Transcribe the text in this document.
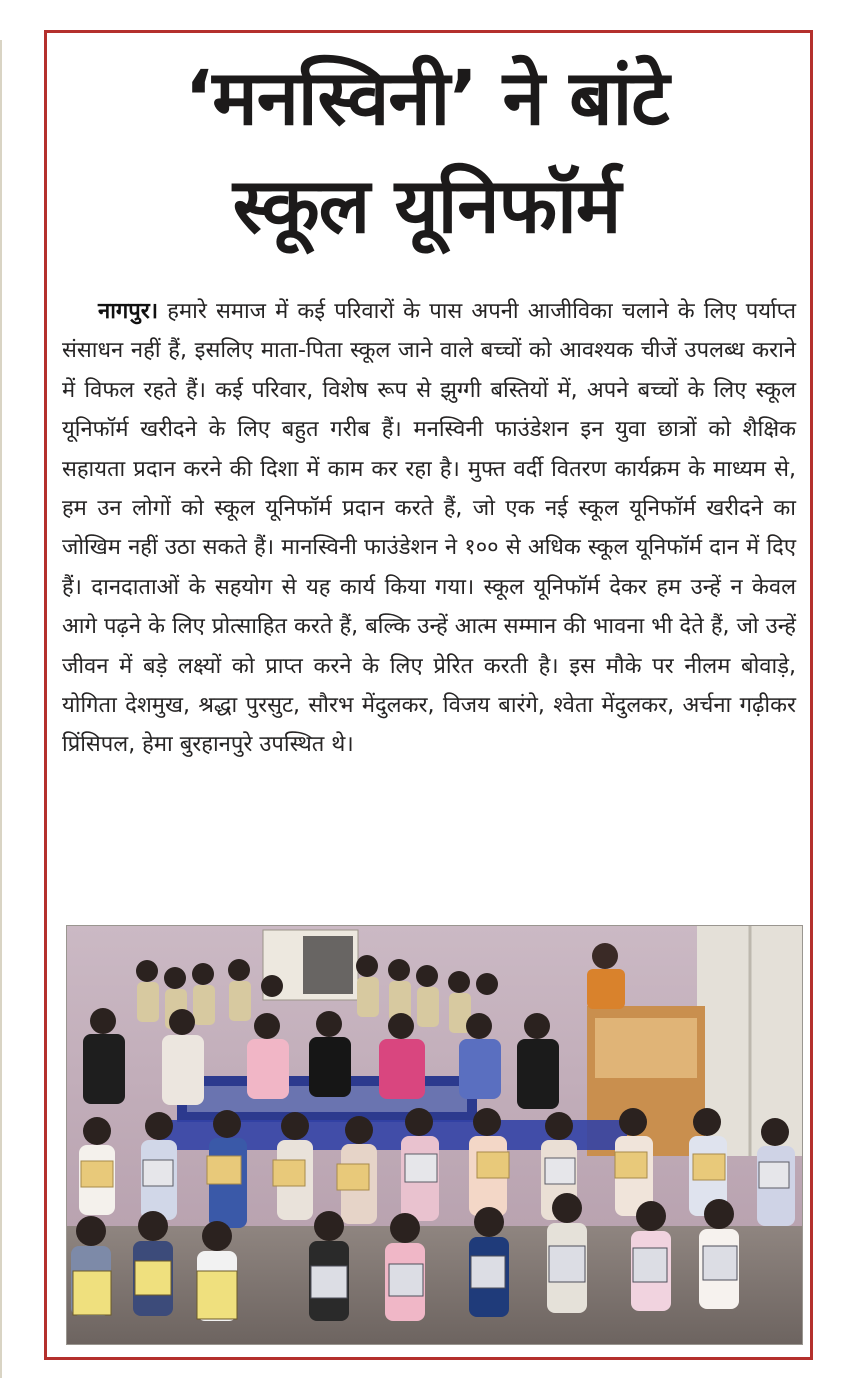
‘मनस्विनी’ ने बांटे
स्कूल यूनिफॉर्म

नागपुर। हमारे समाज में कई परिवारों के पास अपनी आजीविका चलाने के लिए पर्याप्त संसाधन नहीं हैं, इसलिए माता-पिता स्कूल जाने वाले बच्चों को आवश्यक चीजें उपलब्ध कराने में विफल रहते हैं। कई परिवार, विशेष रूप से झुग्गी बस्तियों में, अपने बच्चों के लिए स्कूल यूनिफॉर्म खरीदने के लिए बहुत गरीब हैं। मनस्विनी फाउंडेशन इन युवा छात्रों को शैक्षिक सहायता प्रदान करने की दिशा में काम कर रहा है। मुफ्त वर्दी वितरण कार्यक्रम के माध्यम से, हम उन लोगों को स्कूल यूनिफॉर्म प्रदान करते हैं, जो एक नई स्कूल यूनिफॉर्म खरीदने का जोखिम नहीं उठा सकते हैं। मानस्विनी फाउंडेशन ने १०० से अधिक स्कूल यूनिफॉर्म दान में दिए हैं। दानदाताओं के सहयोग से यह कार्य किया गया। स्कूल यूनिफॉर्म देकर हम उन्हें न केवल आगे पढ़ने के लिए प्रोत्साहित करते हैं, बल्कि उन्हें आत्म सम्मान की भावना भी देते हैं, जो उन्हें जीवन में बड़े लक्ष्यों को प्राप्त करने के लिए प्रेरित करती है। इस मौके पर नीलम बोवाड़े, योगिता देशमुख, श्रद्धा पुरसुट, सौरभ मेंदुलकर, विजय बारंगे, श्वेता मेंदुलकर, अर्चना गढ़ीकर प्रिंसिपल, हेमा बुरहानपुरे उपस्थित थे।
